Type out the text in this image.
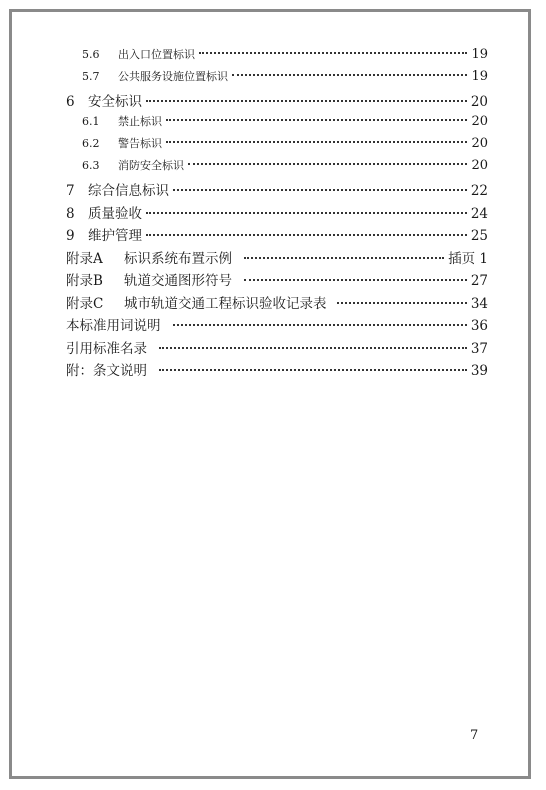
5.6	出入口位置标识	19
5.7	公共服务设施位置标识	19
6 安全标识	20
6.1	禁止标识	20
6.2	警告标识	20
6.3	消防安全标识	20
7 综合信息标识	22
8 质量验收	24
9 维护管理	25
附录A	标识系统布置示例	插页 1
附录B	轨道交通图形符号	27
附录C	城市轨道交通工程标识验收记录表	34
本标准用词说明	36
引用标准名录	37
附：条文说明	39
7
